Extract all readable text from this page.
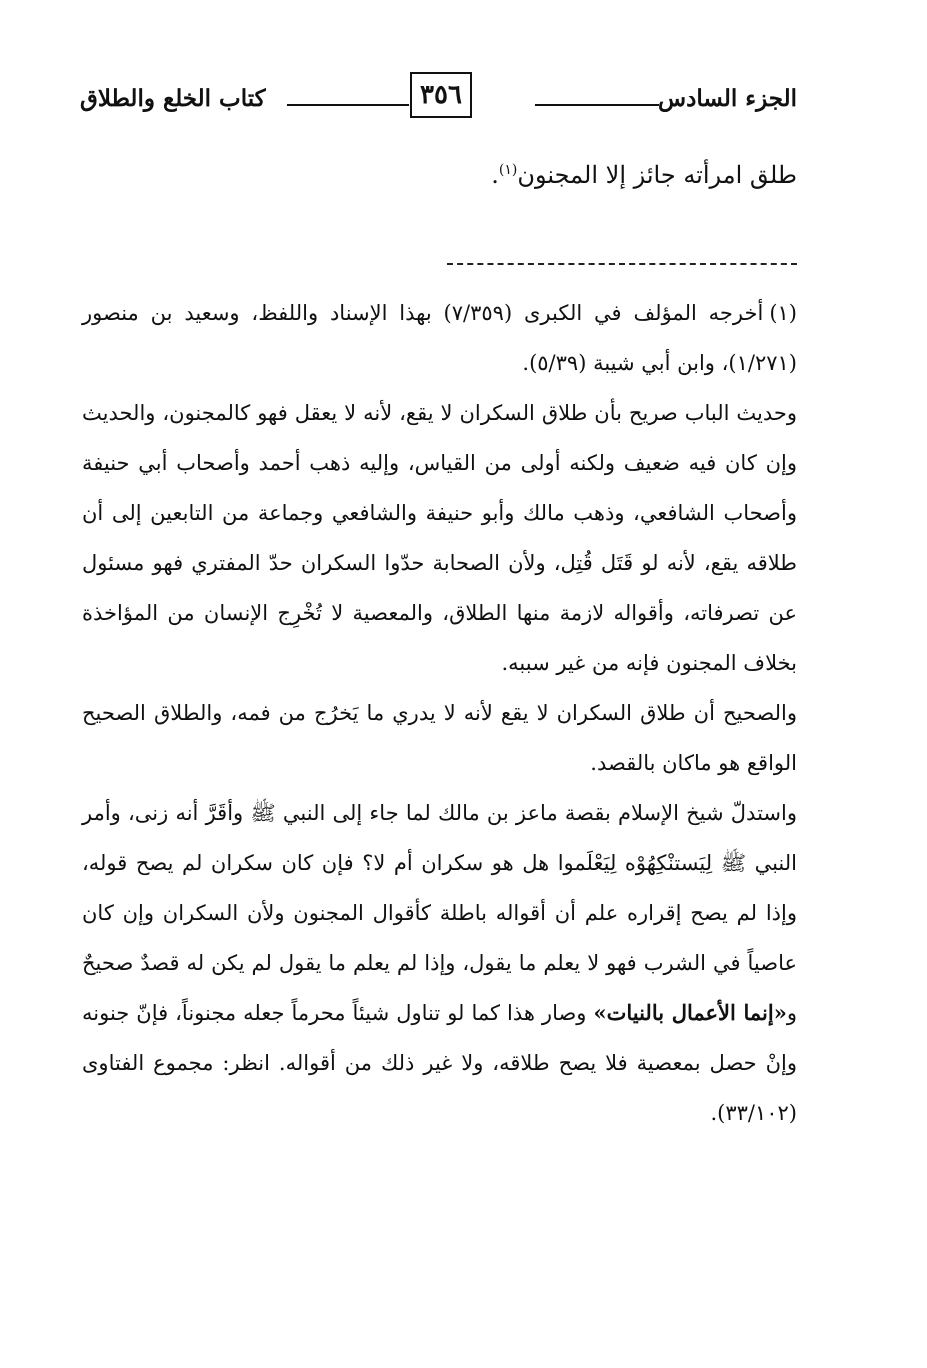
الجزء السادس
٣٥٦
كتاب الخلع والطلاق
طلق امرأته جائز إلا المجنون$^{(١)}$.

(١)أخرجه المؤلف في الكبرى (٧/٣٥٩) بهذا الإسناد واللفظ، وسعيد بن منصور (١/٢٧١)، وابن أبي شيبة (٥/٣٩).

وحديث الباب صريح بأن طلاق السكران لا يقع، لأنه لا يعقل فهو كالمجنون، والحديث وإن كان فيه ضعيف ولكنه أولى من القياس، وإليه ذهب أحمد وأصحاب أبي حنيفة وأصحاب الشافعي، وذهب مالك وأبو حنيفة والشافعي وجماعة من التابعين إلى أن طلاقه يقع، لأنه لو قَتَل قُتِل، ولأن الصحابة حدّوا السكران حدّ المفتري فهو مسئول عن تصرفاته، وأقواله لازمة منها الطلاق، والمعصية لا تُخْرِج الإنسان من المؤاخذة بخلاف المجنون فإنه من غير سببه.

والصحيح أن طلاق السكران لا يقع لأنه لا يدري ما يَخرُج من فمه، والطلاق الصحيح الواقع هو ماكان بالقصد.

واستدلّ شيخ الإسلام بقصة ماعز بن مالك لما جاء إلى النبي ﷺ وأقَرَّ أنه زنى، وأمر النبي ﷺ لِيَستنْكِهُوْه لِيَعْلَموا هل هو سكران أم لا؟ فإن كان سكران لم يصح قوله، وإذا لم يصح إقراره علم أن أقواله باطلة كأقوال المجنون ولأن السكران وإن كان عاصياً في الشرب فهو لا يعلم ما يقول، وإذا لم يعلم ما يقول لم يكن له قصدٌ صحيحٌ و«إنما الأعمال بالنيات» وصار هذا كما لو تناول شيئاً محرماً جعله مجنوناً، فإنّ جنونه وإنْ حصل بمعصية فلا يصح طلاقه، ولا غير ذلك من أقواله. انظر: مجموع الفتاوى (٣٣/١٠٢).
